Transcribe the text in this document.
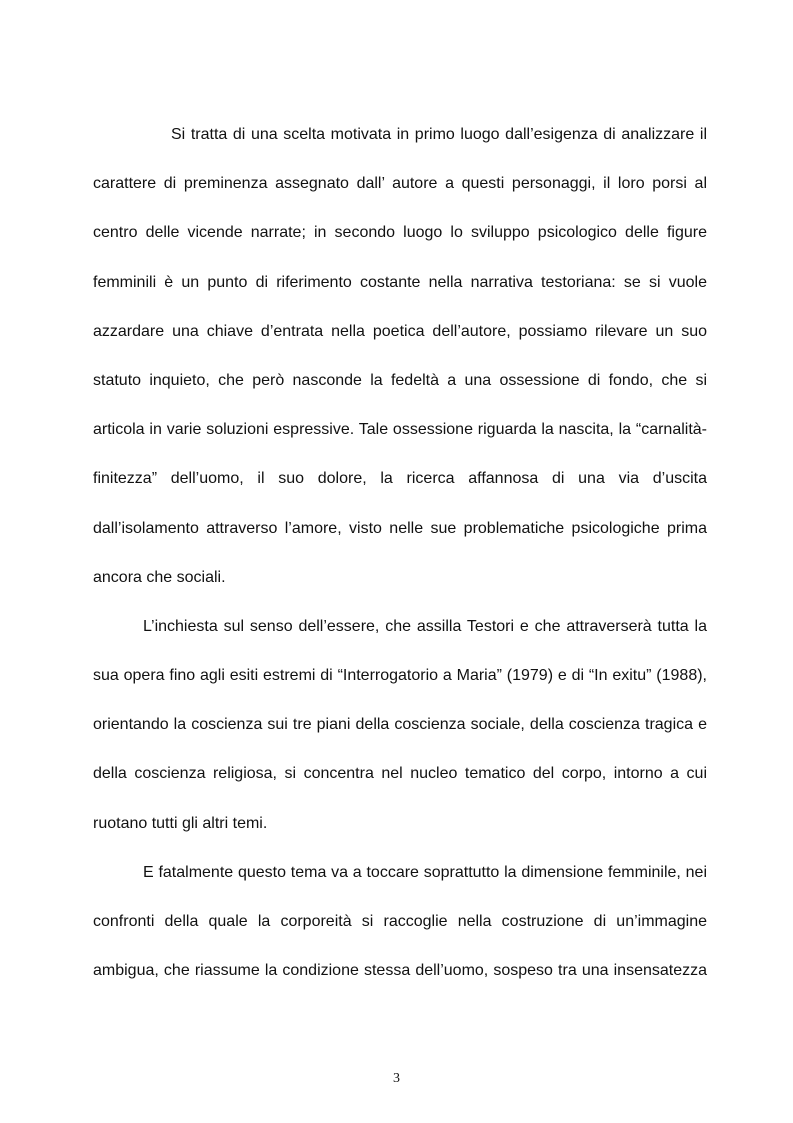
Si tratta di una scelta motivata in primo luogo dall’esigenza di analizzare il
carattere di preminenza assegnato dall’ autore a questi personaggi, il loro porsi al
centro delle vicende narrate; in secondo luogo lo sviluppo psicologico delle figure
femminili è un punto di riferimento costante nella narrativa testoriana: se si vuole
azzardare una chiave d’entrata nella poetica dell’autore, possiamo rilevare un suo
statuto inquieto, che però nasconde la fedeltà a una ossessione di fondo, che si
articola in varie soluzioni espressive. Tale ossessione riguarda la nascita, la “carnalità-
finitezza” dell’uomo, il suo dolore, la ricerca affannosa di una via d’uscita
dall’isolamento attraverso l’amore, visto nelle sue problematiche psicologiche prima
ancora che sociali.
L’inchiesta sul senso dell’essere, che assilla Testori e che attraverserà tutta la
sua opera fino agli esiti estremi di “Interrogatorio a Maria” (1979) e di “In exitu” (1988),
orientando la coscienza sui tre piani della coscienza sociale, della coscienza tragica e
della coscienza religiosa, si concentra nel nucleo tematico del corpo, intorno a cui
ruotano tutti gli altri temi.
E fatalmente questo tema va a toccare soprattutto la dimensione femminile, nei
confronti della quale la corporeità si raccoglie nella costruzione di un’immagine
ambigua, che riassume la condizione stessa dell’uomo, sospeso tra una insensatezza
3
